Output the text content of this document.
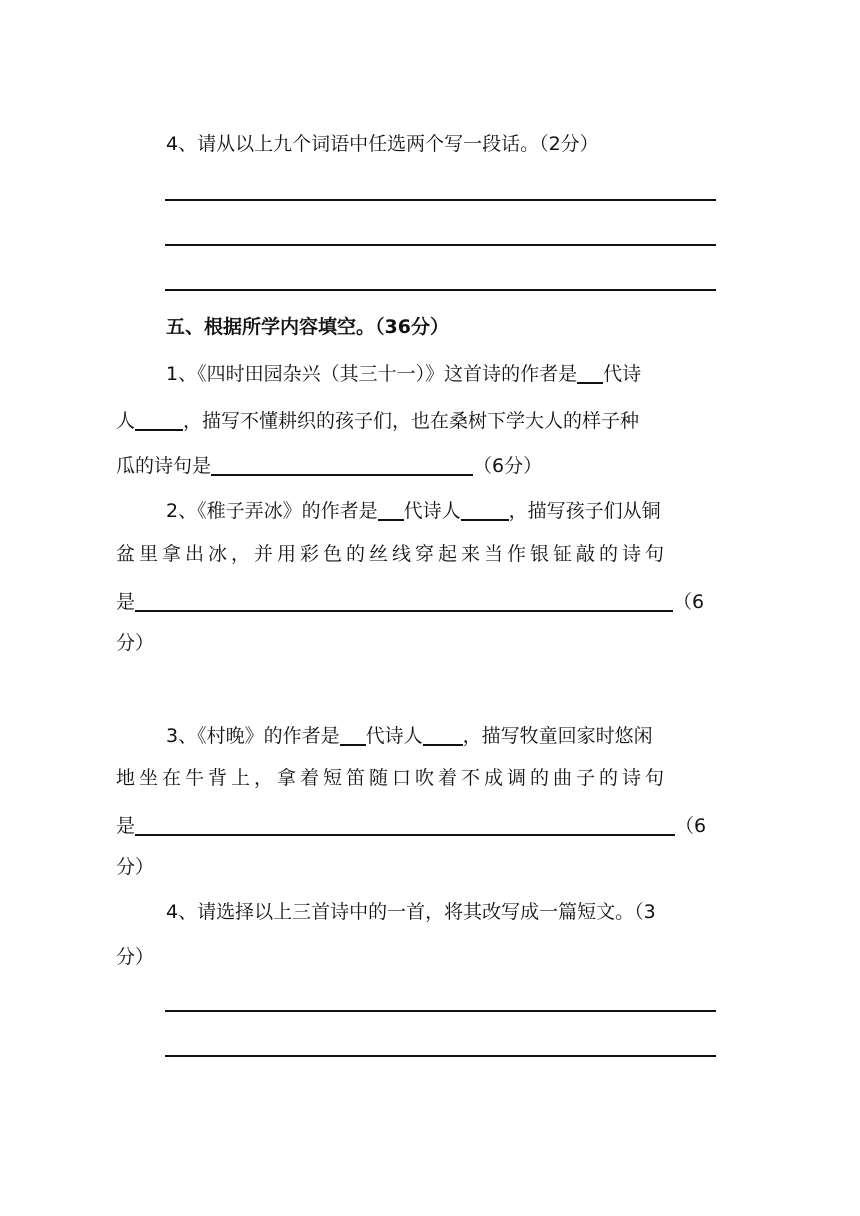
4、请从以上九个词语中任选两个写一段话。（2分）
五、根据所学内容填空。（36分）
1、《四时田园杂兴（其三十一）》这首诗的作者是 代诗
人	，描写不懂耕织的孩子们，也在桑树下学大人的样子种
瓜的诗句是	（6分）
2、《稚子弄冰》的作者是 代诗人	，描写孩子们从铜
盆里拿出冰，并用彩色的丝线穿起来当作银钲敲的诗句
是	（6
分）
3、《村晚》的作者是 代诗人 ，描写牧童回家时悠闲
地坐在牛背上，拿着短笛随口吹着不成调的曲子的诗句
是	（6
分）
4、请选择以上三首诗中的一首，将其改写成一篇短文。（3
分）
